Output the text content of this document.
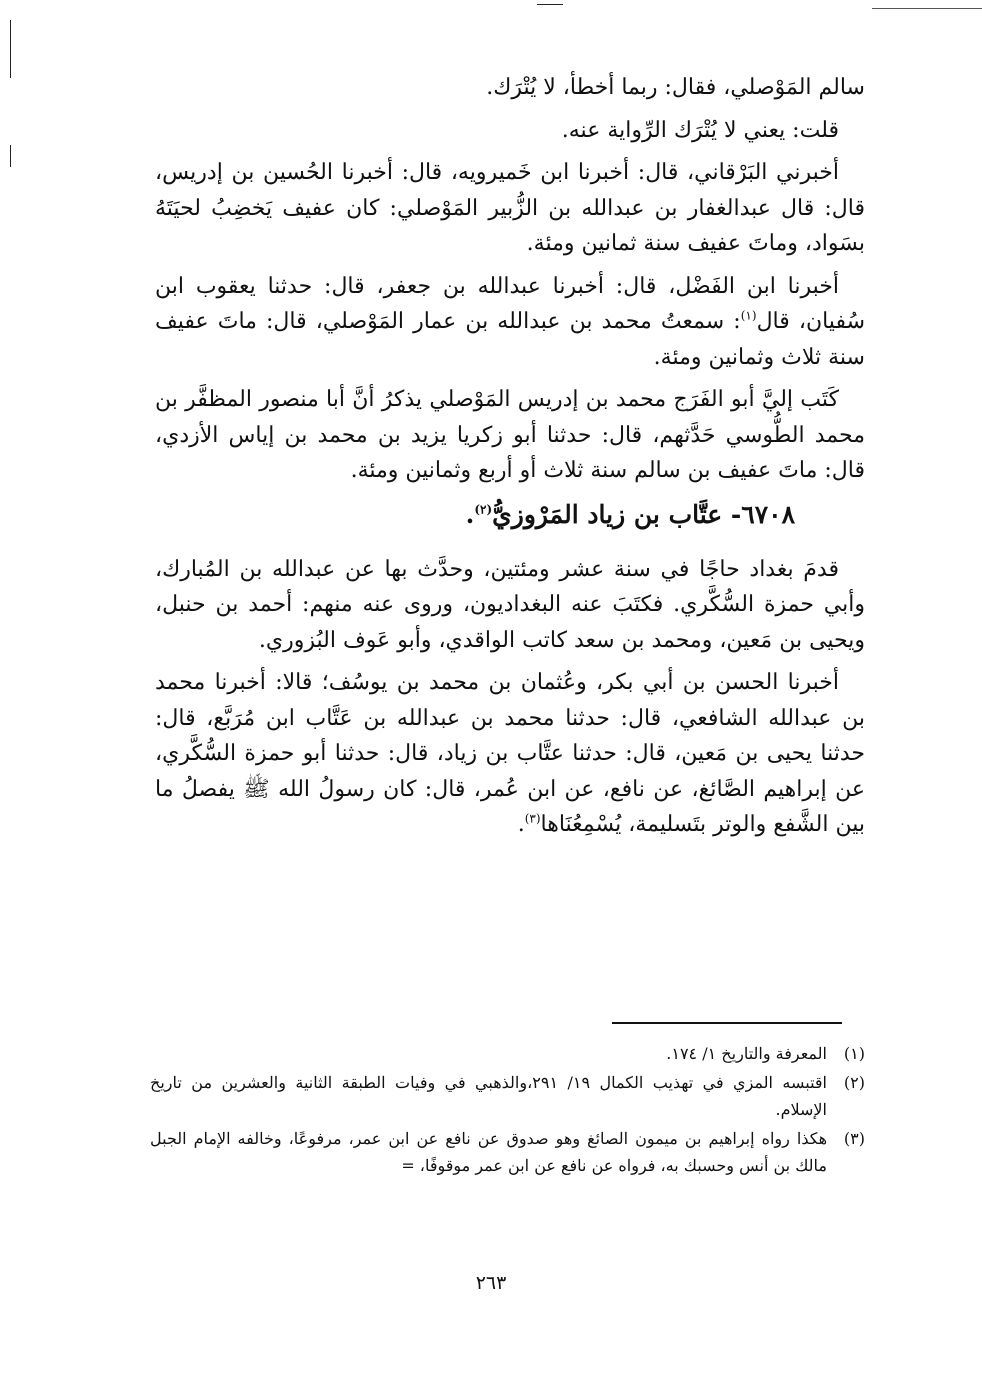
سالم المَوْصلي، فقال: ربما أخطأ، لا يُتْرَك.

قلت: يعني لا يُتْرَك الرِّواية عنه.

أخبرني البَرْقاني، قال: أخبرنا ابن خَميرويه، قال: أخبرنا الحُسين بن إدريس، قال: قال عبدالغفار بن عبدالله بن الزُّبير المَوْصلي: كان عفيف يَخضِبُ لحيَتَهُ بسَواد، وماتَ عفيف سنة ثمانين ومئة.

أخبرنا ابن الفَضْل، قال: أخبرنا عبدالله بن جعفر، قال: حدثنا يعقوب ابن سُفيان، قال$^{(١)}$: سمعتُ محمد بن عبدالله بن عمار المَوْصلي، قال: ماتَ عفيف سنة ثلاث وثمانين ومئة.

كَتَب إليَّ أبو الفَرَج محمد بن إدريس المَوْصلي يذكرُ أنَّ أبا منصور المظفَّر بن محمد الطُّوسي حَدَّثهم، قال: حدثنا أبو زكريا يزيد بن محمد بن إياس الأزدي، قال: ماتَ عفيف بن سالم سنة ثلاث أو أربع وثمانين ومئة.

٦٧٠٨- عتَّاب بن زياد المَرْوزيُّ$^{(٢)}$.

قدمَ بغداد حاجًا في سنة عشر ومئتين، وحدَّث بها عن عبدالله بن المُبارك، وأبي حمزة السُّكَّري. فكتَبَ عنه البغداديون، وروى عنه منهم: أحمد بن حنبل، ويحيى بن مَعين، ومحمد بن سعد كاتب الواقدي، وأبو عَوف البُزوري.

أخبرنا الحسن بن أبي بكر، وعُثمان بن محمد بن يوسُف؛ قالا: أخبرنا محمد بن عبدالله الشافعي، قال: حدثنا محمد بن عبدالله بن عَتَّاب ابن مُرَبَّع، قال: حدثنا يحيى بن مَعين، قال: حدثنا عتَّاب بن زياد، قال: حدثنا أبو حمزة السُّكَّري، عن إبراهيم الصَّائغ، عن نافع، عن ابن عُمر، قال: كان رسولُ الله ﷺ يفصلُ ما بين الشَّفع والوتر بتَسليمة، يُسْمِعُنَاها$^{(٣)}$.

(١)
المعرفة والتاريخ ١/ ١٧٤.
(٢)
اقتبسه المزي في تهذيب الكمال ١٩/ ٢٩١،والذهبي في وفيات الطبقة الثانية والعشرين من تاريخ الإسلام.
(٣)
هكذا رواه إبراهيم بن ميمون الصائغ وهو صدوق عن نافع عن ابن عمر، مرفوعًا، وخالفه الإمام الجبل مالك بن أنس وحسبك به، فرواه عن نافع عن ابن عمر موقوفًا، =
٢٦٣
